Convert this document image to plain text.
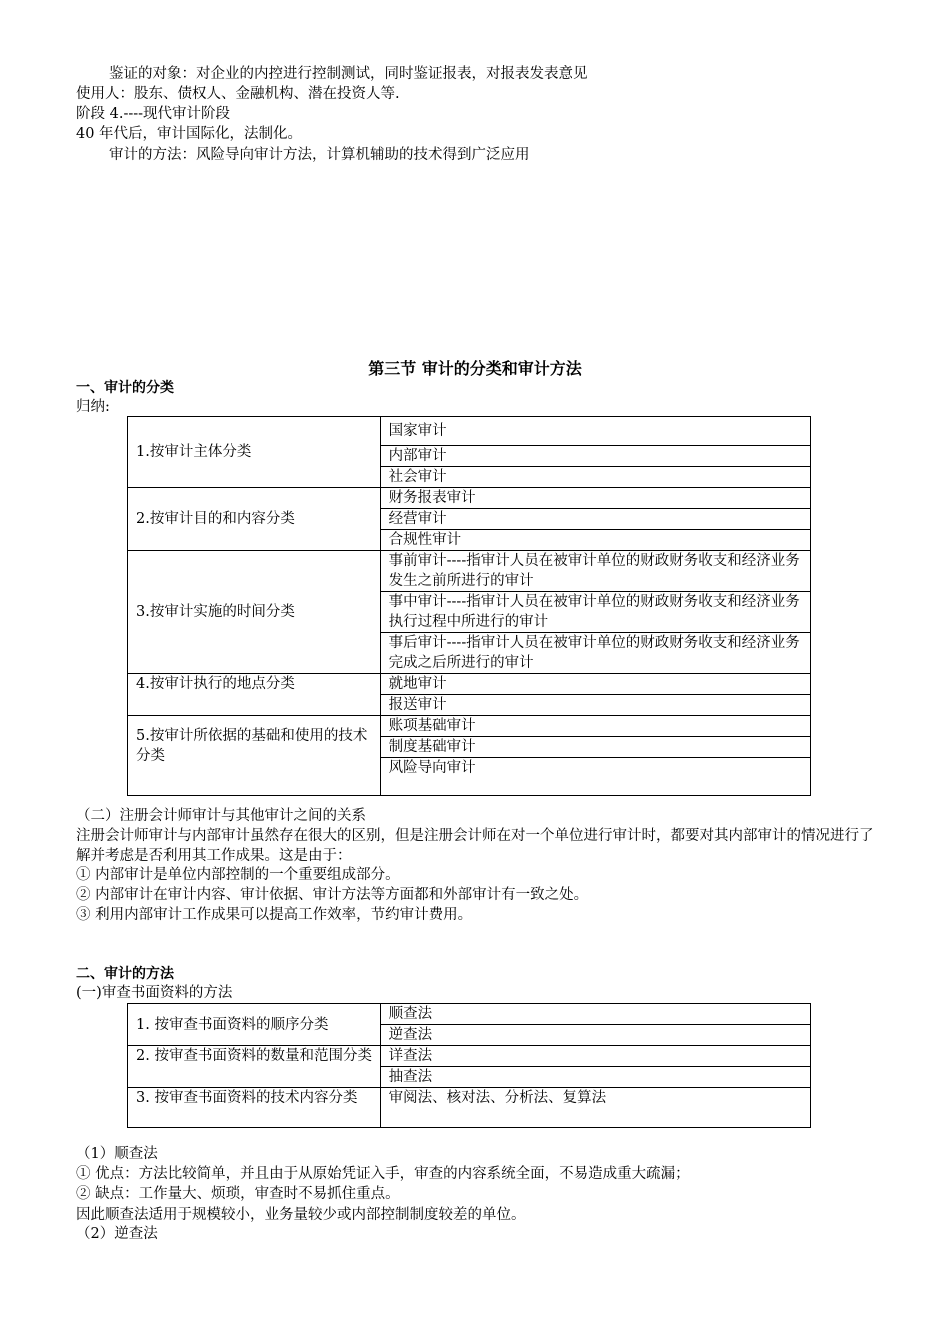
鉴证的对象：对企业的内控进行控制测试，同时鉴证报表，对报表发表意见
使用人：股东、债权人、金融机构、潜在投资人等.
阶段 4.----现代审计阶段
40 年代后，审计国际化，法制化。
审计的方法：风险导向审计方法，计算机辅助的技术得到广泛应用
第三节 审计的分类和审计方法
一、审计的分类
归纳:
1.按审计主体分类	国家审计
	内部审计
	社会审计
2.按审计目的和内容分类	财务报表审计
	经营审计
	合规性审计
3.按审计实施的时间分类	事前审计----指审计人员在被审计单位的财政财务收支和经济业务发生之前所进行的审计
	事中审计----指审计人员在被审计单位的财政财务收支和经济业务执行过程中所进行的审计
	事后审计----指审计人员在被审计单位的财政财务收支和经济业务完成之后所进行的审计
4.按审计执行的地点分类	就地审计
	报送审计
5.按审计所依据的基础和使用的技术分类	账项基础审计
	制度基础审计
	风险导向审计
（二）注册会计师审计与其他审计之间的关系
注册会计师审计与内部审计虽然存在很大的区别，但是注册会计师在对一个单位进行审计时，都要对其内部审计的情况进行了解并考虑是否利用其工作成果。这是由于：
① 内部审计是单位内部控制的一个重要组成部分。
② 内部审计在审计内容、审计依据、审计方法等方面都和外部审计有一致之处。
③ 利用内部审计工作成果可以提高工作效率，节约审计费用。
二、审计的方法
(一)审查书面资料的方法
1. 按审查书面资料的顺序分类	顺查法
	逆查法
2. 按审查书面资料的数量和范围分类	详查法
	抽查法
3. 按审查书面资料的技术内容分类	审阅法、核对法、分析法、复算法
（1）顺查法
① 优点：方法比较简单，并且由于从原始凭证入手，审查的内容系统全面，不易造成重大疏漏；
② 缺点：工作量大、烦琐，审查时不易抓住重点。
因此顺查法适用于规模较小，业务量较少或内部控制制度较差的单位。
（2）逆查法
